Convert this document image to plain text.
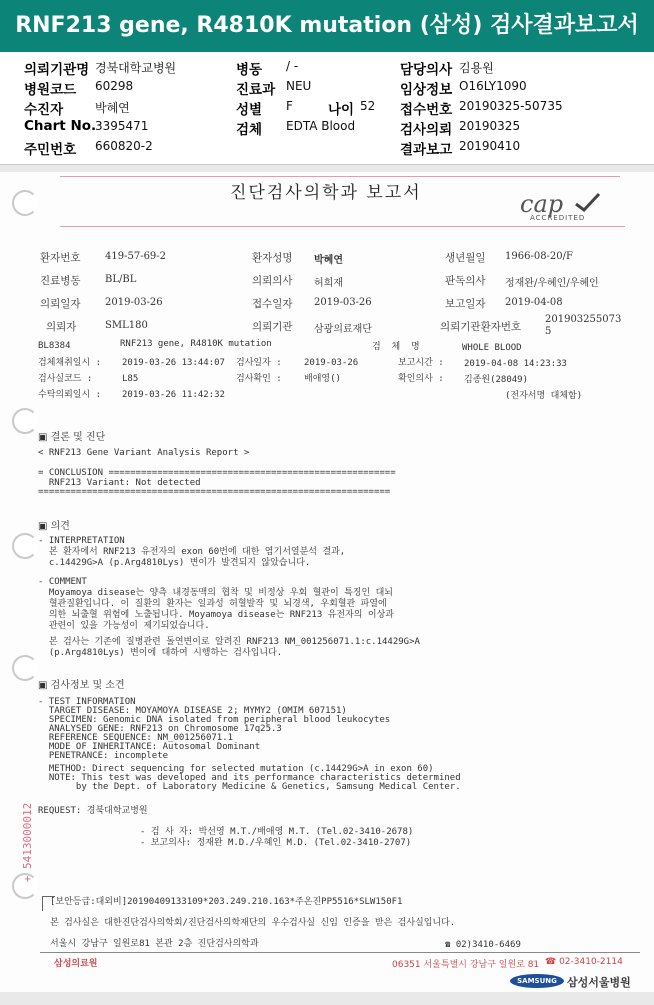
RNF213 gene, R4810K mutation (삼성) 검사결과보고서
의뢰기관명 경북대학교병원
병원코드 60298
수진자	박혜연
Chart No.
3395471
주민번호 660820-2
병동 / -
진료과 NEU
성별 F	나이 52
검체 EDTA Blood
담당의사 김용원
임상정보 O16LY1090
접수번호 20190325-50735
검사의뢰 20190325
결과보고 20190410
진단검사의학과 보고서	cap
ACCREDITED
환자번호 419-57-69-2	환자성명 박혜연	생년월일 1966-08-20/F
진료병동 BL/BL	의뢰의사 허희재	판독의사 정재완/우혜인/우혜인
의뢰일자 2019-03-26	접수일자 2019-03-26	보고일자 2019-04-08
의뢰자	SML180	의뢰기관 삼광의료재단	의뢰기관환자번호
201903255073 5
BL8384	RNF213 gene, R4810K mutation	검  체  명	WHOLE BLOOD
검체채취일시 : 2019-03-26 13:44:07 검사일자 : 2019-03-26	보고시간 : 2019-04-08 14:23:33
검사실코드 :	L85	검사확인 : 배애영()	확인의사 : 김종원(28049)
수탁의뢰일시 : 2019-03-26 11:42:32	(전자서명 대체함)
▣ 결론 및 진단
< RNF213 Gene Variant Analysis Report >
= CONCLUSION =====================================================
RNF213 Variant: Not detected
=================================================================
▣ 의견
- INTERPRETATION
본 환자에서 RNF213 유전자의 exon 60번에 대한 염기서열분석 결과,
c.14429G>A (p.Arg4810Lys) 변이가 발견되지 않았습니다.
- COMMENT
Moyamoya disease는 양측 내경동맥의 협착 및 비정상 우회 혈관이 특징인 대뇌
혈관질환입니다. 이 질환의 환자는 일과성 허혈발작 및 뇌경색, 우회혈관 파열에
의한 뇌출혈 위험에 노출됩니다. Moyamoya disease는 RNF213 유전자의 이상과
관련이 있을 가능성이 제기되었습니다.
본 검사는 기존에 질병관련 돌연변이로 알려진 RNF213 NM_001256071.1:c.14429G>A
(p.Arg4810Lys) 변이에 대하여 시행하는 검사입니다.
▣ 검사정보 및 소견
- TEST INFORMATION
TARGET DISEASE: MOYAMOYA DISEASE 2; MYMY2 (OMIM 607151)
SPECIMEN: Genomic DNA isolated from peripheral blood leukocytes
ANALYSED GENE: RNF213 on Chromosome 17q25.3
REFERENCE SEQUENCE: NM_001256071.1
MODE OF INHERITANCE: Autosomal Dominant
PENETRANCE: incomplete
METHOD: Direct sequencing for selected mutation (c.14429G>A in exon 60)
NOTE: This test was developed and its performance characteristics determined
by the Dept. of Laboratory Medicine & Genetics, Samsung Medical Center.
REQUEST: 경북대학교병원
- 검 사 자: 박선영 M.T./배애영 M.T. (Tel.02-3410-2678)
- 보고의사: 정재완 M.D./우혜인 M.D. (Tel.02-3410-2707)
+ 5413000012
[보안등급:대외비]20190409133109*203.249.210.163*주온진PP5516*SLW150F1
본 검사실은 대한진단검사의학회/진단검사의학재단의 우수검사실 신임 인증을 받은 검사실입니다.
서울시 강남구 일원로81 본관 2층 진단검사의학과	☎ 02)3410-6469
삼성의료원	06351 서울특별시 강남구 일원로 81 ☎ 02-3410-2114
SAMSUNG 삼성서울병원
